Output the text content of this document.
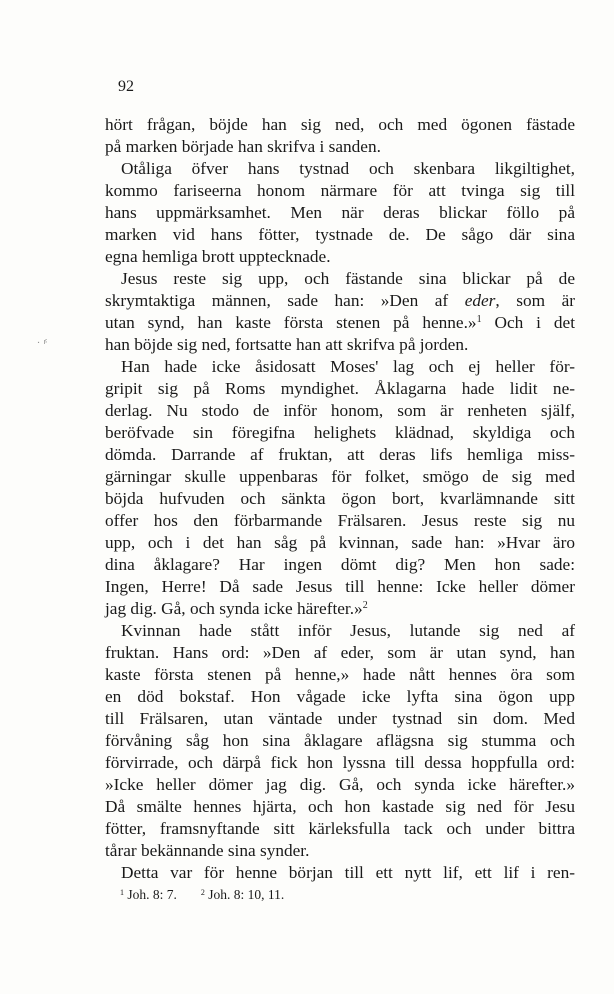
92
ˑ ⸄
hört frågan, böjde han sig ned, och med ögonen fästade
på marken började han skrifva i sanden.
Otåliga öfver hans tystnad och skenbara likgiltighet,
kommo fariseerna honom närmare för att tvinga sig till
hans uppmärksamhet. Men när deras blickar föllo på
marken vid hans fötter, tystnade de. De sågo där sina
egna hemliga brott upptecknade.
Jesus reste sig upp, och fästande sina blickar på de
skrymtaktiga männen, sade han: »Den af eder, som är
utan synd, han kaste första stenen på henne.»$^1$ Och i det
han böjde sig ned, fortsatte han att skrifva på jorden.
Han hade icke åsidosatt Moses' lag och ej heller för-
gripit sig på Roms myndighet. Åklagarna hade lidit ne-
derlag. Nu stodo de inför honom, som är renheten själf,
beröfvade sin föregifna helighets klädnad, skyldiga och
dömda. Darrande af fruktan, att deras lifs hemliga miss-
gärningar skulle uppenbaras för folket, smögo de sig med
böjda hufvuden och sänkta ögon bort, kvarlämnande sitt
offer hos den förbarmande Frälsaren. Jesus reste sig nu
upp, och i det han såg på kvinnan, sade han: »Hvar äro
dina åklagare? Har ingen dömt dig? Men hon sade:
Ingen, Herre! Då sade Jesus till henne: Icke heller dömer
jag dig. Gå, och synda icke härefter.»$^2$
Kvinnan hade stått inför Jesus, lutande sig ned af
fruktan. Hans ord: »Den af eder, som är utan synd, han
kaste första stenen på henne,» hade nått hennes öra som
en död bokstaf. Hon vågade icke lyfta sina ögon upp
till Frälsaren, utan väntade under tystnad sin dom. Med
förvåning såg hon sina åklagare aflägsna sig stumma och
förvirrade, och därpå fick hon lyssna till dessa hoppfulla ord:
»Icke heller dömer jag dig. Gå, och synda icke härefter.»
Då smälte hennes hjärta, och hon kastade sig ned för Jesu
fötter, framsnyftande sitt kärleksfulla tack och under bittra
tårar bekännande sina synder.
Detta var för henne början till ett nytt lif, ett lif i ren-
$^1$ Joh. 8: 7.	$^2$ Joh. 8: 10, 11.
